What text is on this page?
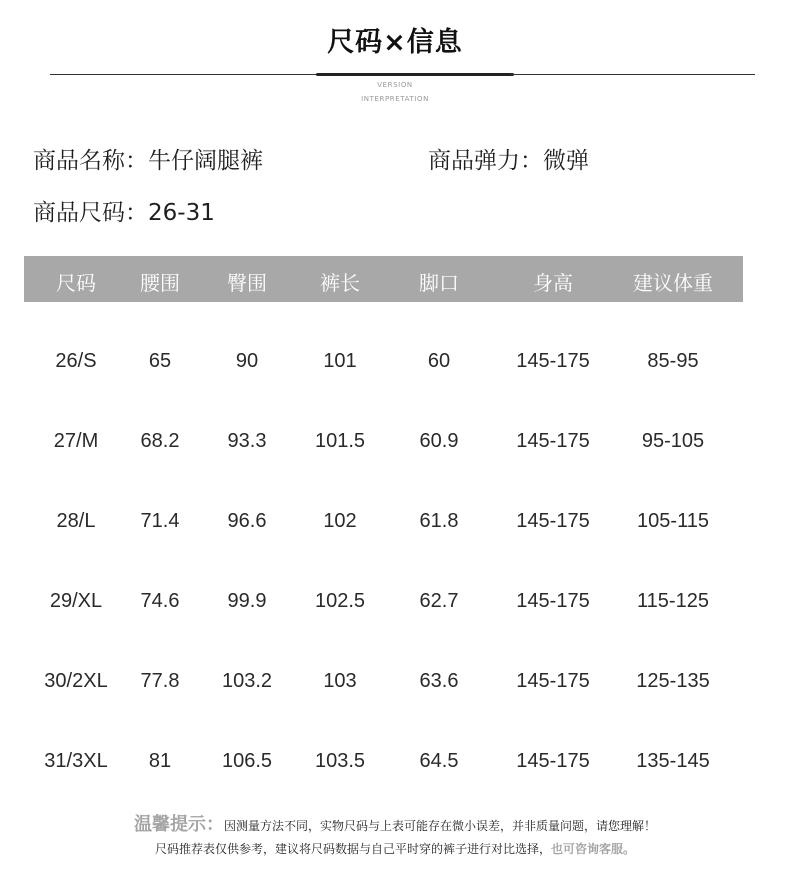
尺码×信息
VERSION
INTERPRETATION
商品名称：牛仔阔腿裤	商品弹力：微弹
商品尺码：26-31
尺码 腰围 臀围	裤长	脚口	身高	建议体重
26/S	65	90	101	60	145-175	85-95
27/M 68.2 93.3 101.5	60.9	145-175	95-105
28/L 71.4 96.6	102	61.8	145-175 105-115
29/XL 74.6 99.9 102.5	62.7	145-175 115-125
30/2XL 77.8 103.2	103	63.6	145-175 125-135
31/3XL 81	106.5 103.5	64.5	145-175 135-145
温馨提示：因测量方法不同，实物尺码与上表可能存在微小误差，并非质量问题，请您理解！
尺码推荐表仅供参考，建议将尺码数据与自己平时穿的裤子进行对比选择，也可咨询客服。
